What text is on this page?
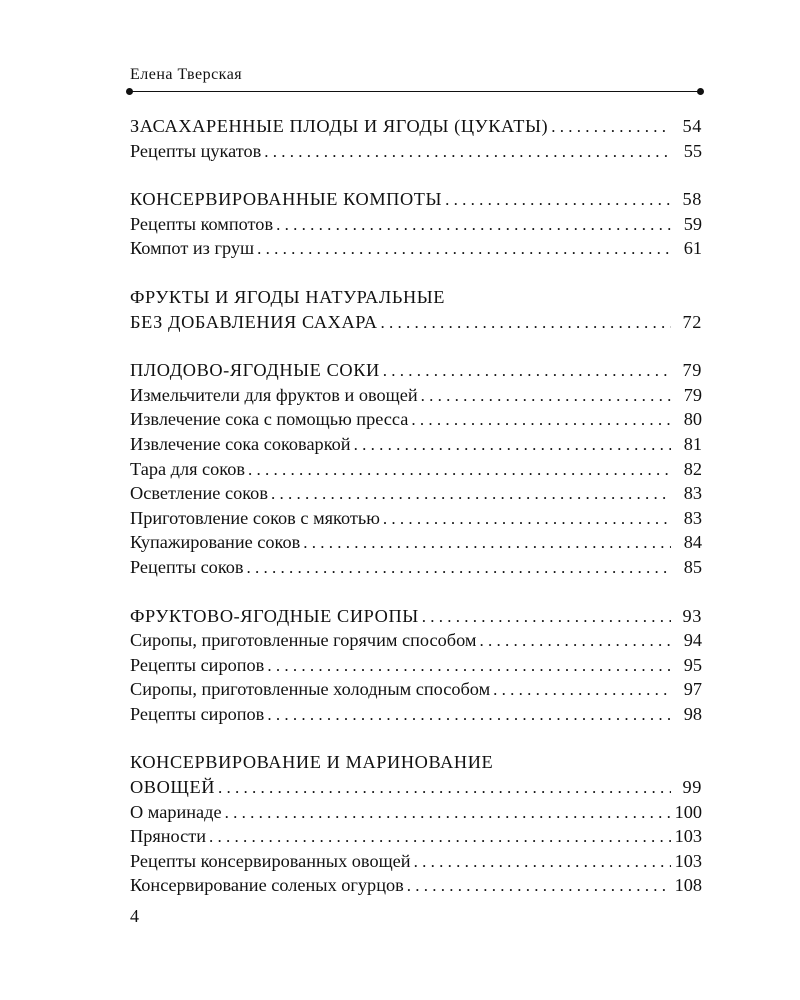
Елена Тверская
ЗАСАХАРЕННЫЕ ПЛОДЫ И ЯГОДЫ (ЦУКАТЫ) . . .	54
Рецепты цукатов . . .	55
КОНСЕРВИРОВАННЫЕ КОМПОТЫ . . .	58
Рецепты компотов . . .	59
Компот из груш . . .	61
ФРУКТЫ И ЯГОДЫ НАТУРАЛЬНЫЕ
БЕЗ ДОБАВЛЕНИЯ САХАРА . . .	72
ПЛОДОВО-ЯГОДНЫЕ СОКИ . . .	79
Измельчители для фруктов и овощей . . .	79
Извлечение сока с помощью пресса . . .	80
Извлечение сока соковаркой . . .	81
Тара для соков . . .	82
Осветление соков . . .	83
Приготовление соков с мякотью . . .	83
Купажирование соков . . .	84
Рецепты соков . . .	85
ФРУКТОВО-ЯГОДНЫЕ СИРОПЫ . . .	93
Сиропы, приготовленные горячим способом . . .	94
Рецепты сиропов . . .	95
Сиропы, приготовленные холодным способом . . .	97
Рецепты сиропов . . .	98
КОНСЕРВИРОВАНИЕ И МАРИНОВАНИЕ
ОВОЩЕЙ . . .	99
О маринаде . . .	100
Пряности . . .	103
Рецепты консервированных овощей . . .	103
Консервирование соленых огурцов . . .	108
4
